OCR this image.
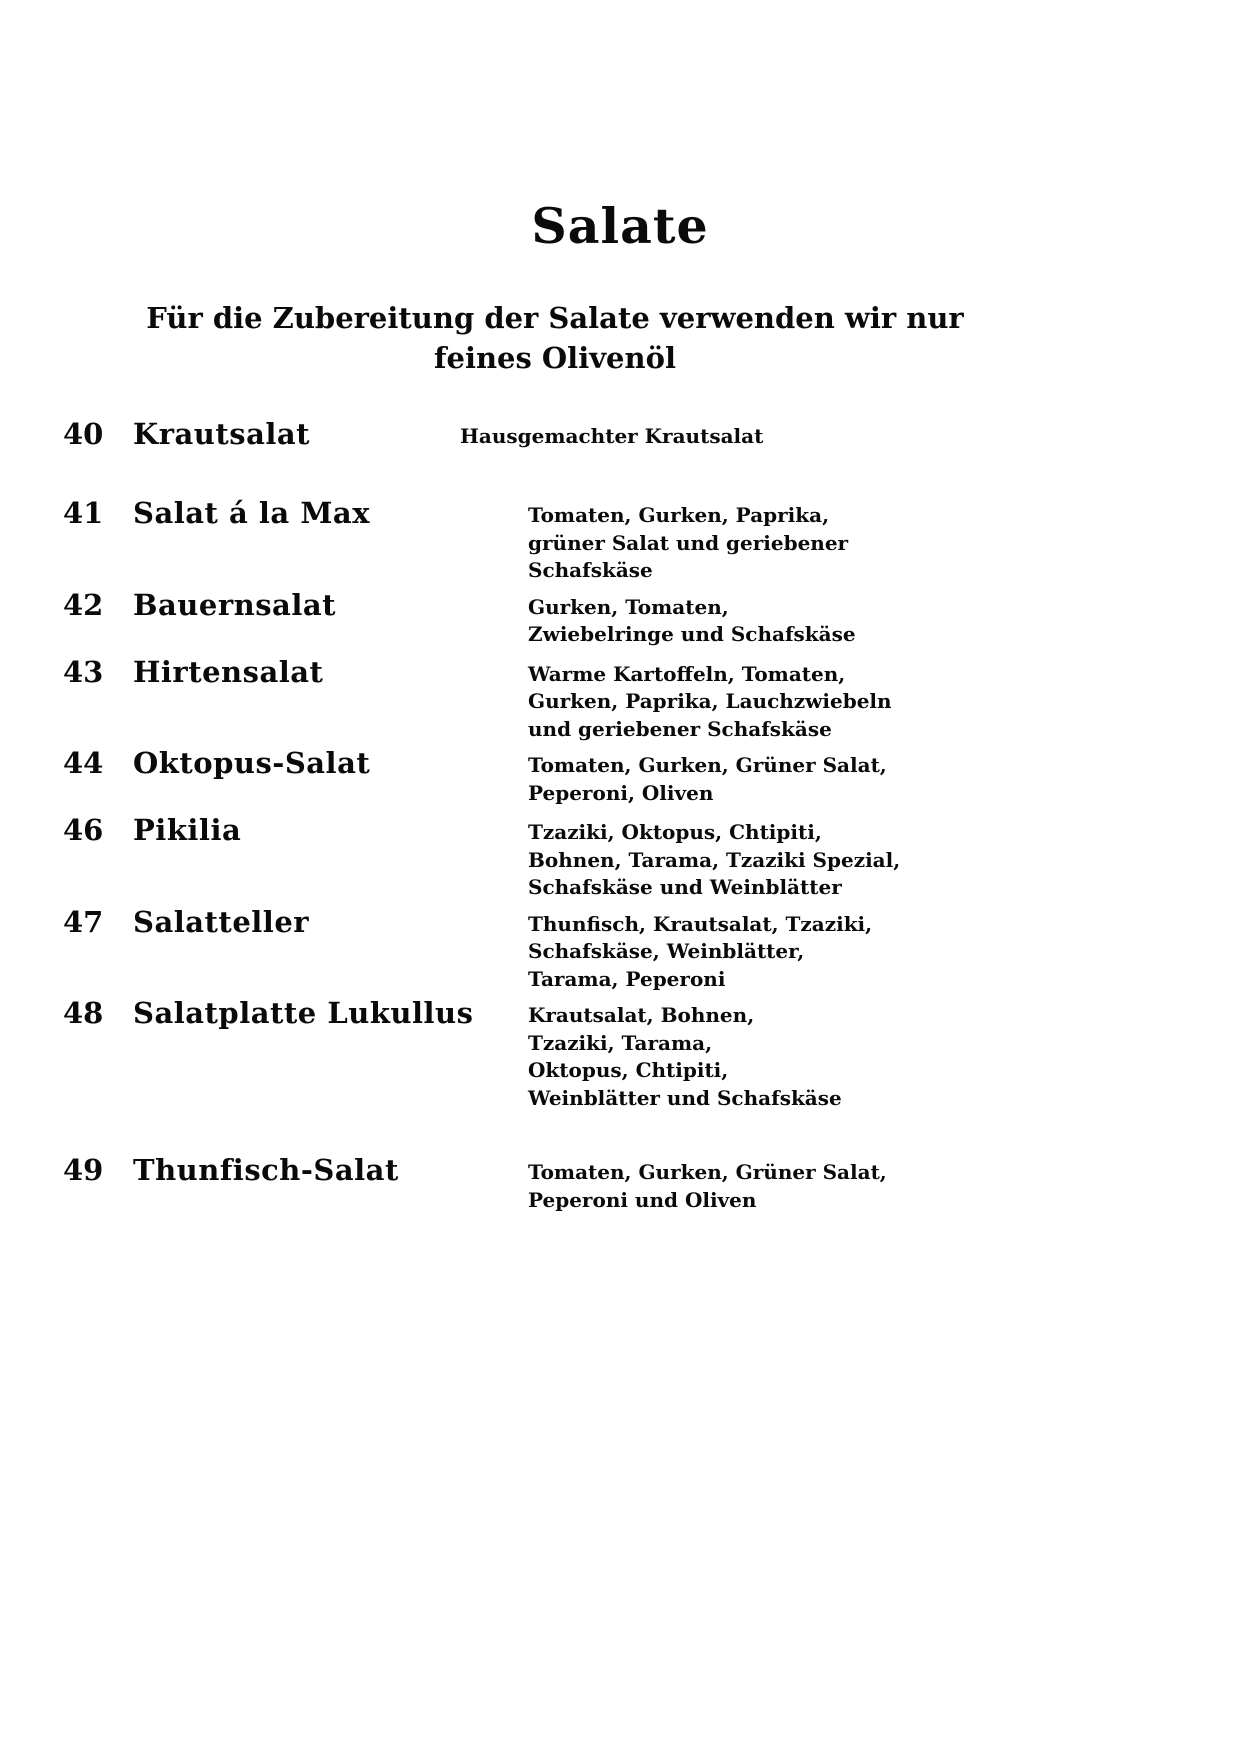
Salate
Für die Zubereitung der Salate verwenden wir nur
feines Olivenöl
40	Krautsalat	Hausgemachter Krautsalat
41	Salat á la Max	Tomaten, Gurken, Paprika,
grüner Salat und geriebener
Schafskäse
42	Bauernsalat	Gurken, Tomaten,
Zwiebelringe und Schafskäse
43	Hirtensalat	Warme Kartoffeln, Tomaten,
Gurken, Paprika, Lauchzwiebeln
und geriebener Schafskäse
44	Oktopus-Salat	Tomaten, Gurken, Grüner Salat,
Peperoni, Oliven
46	Pikilia	Tzaziki, Oktopus, Chtipiti,
Bohnen, Tarama, Tzaziki Spezial,
Schafskäse und Weinblätter
47	Salatteller	Thunfisch, Krautsalat, Tzaziki,
Schafskäse, Weinblätter,
Tarama, Peperoni
48	Salatplatte Lukullus	Krautsalat, Bohnen,
Tzaziki, Tarama,
Oktopus, Chtipiti,
Weinblätter und Schafskäse
49	Thunfisch-Salat	Tomaten, Gurken, Grüner Salat,
Peperoni und Oliven
